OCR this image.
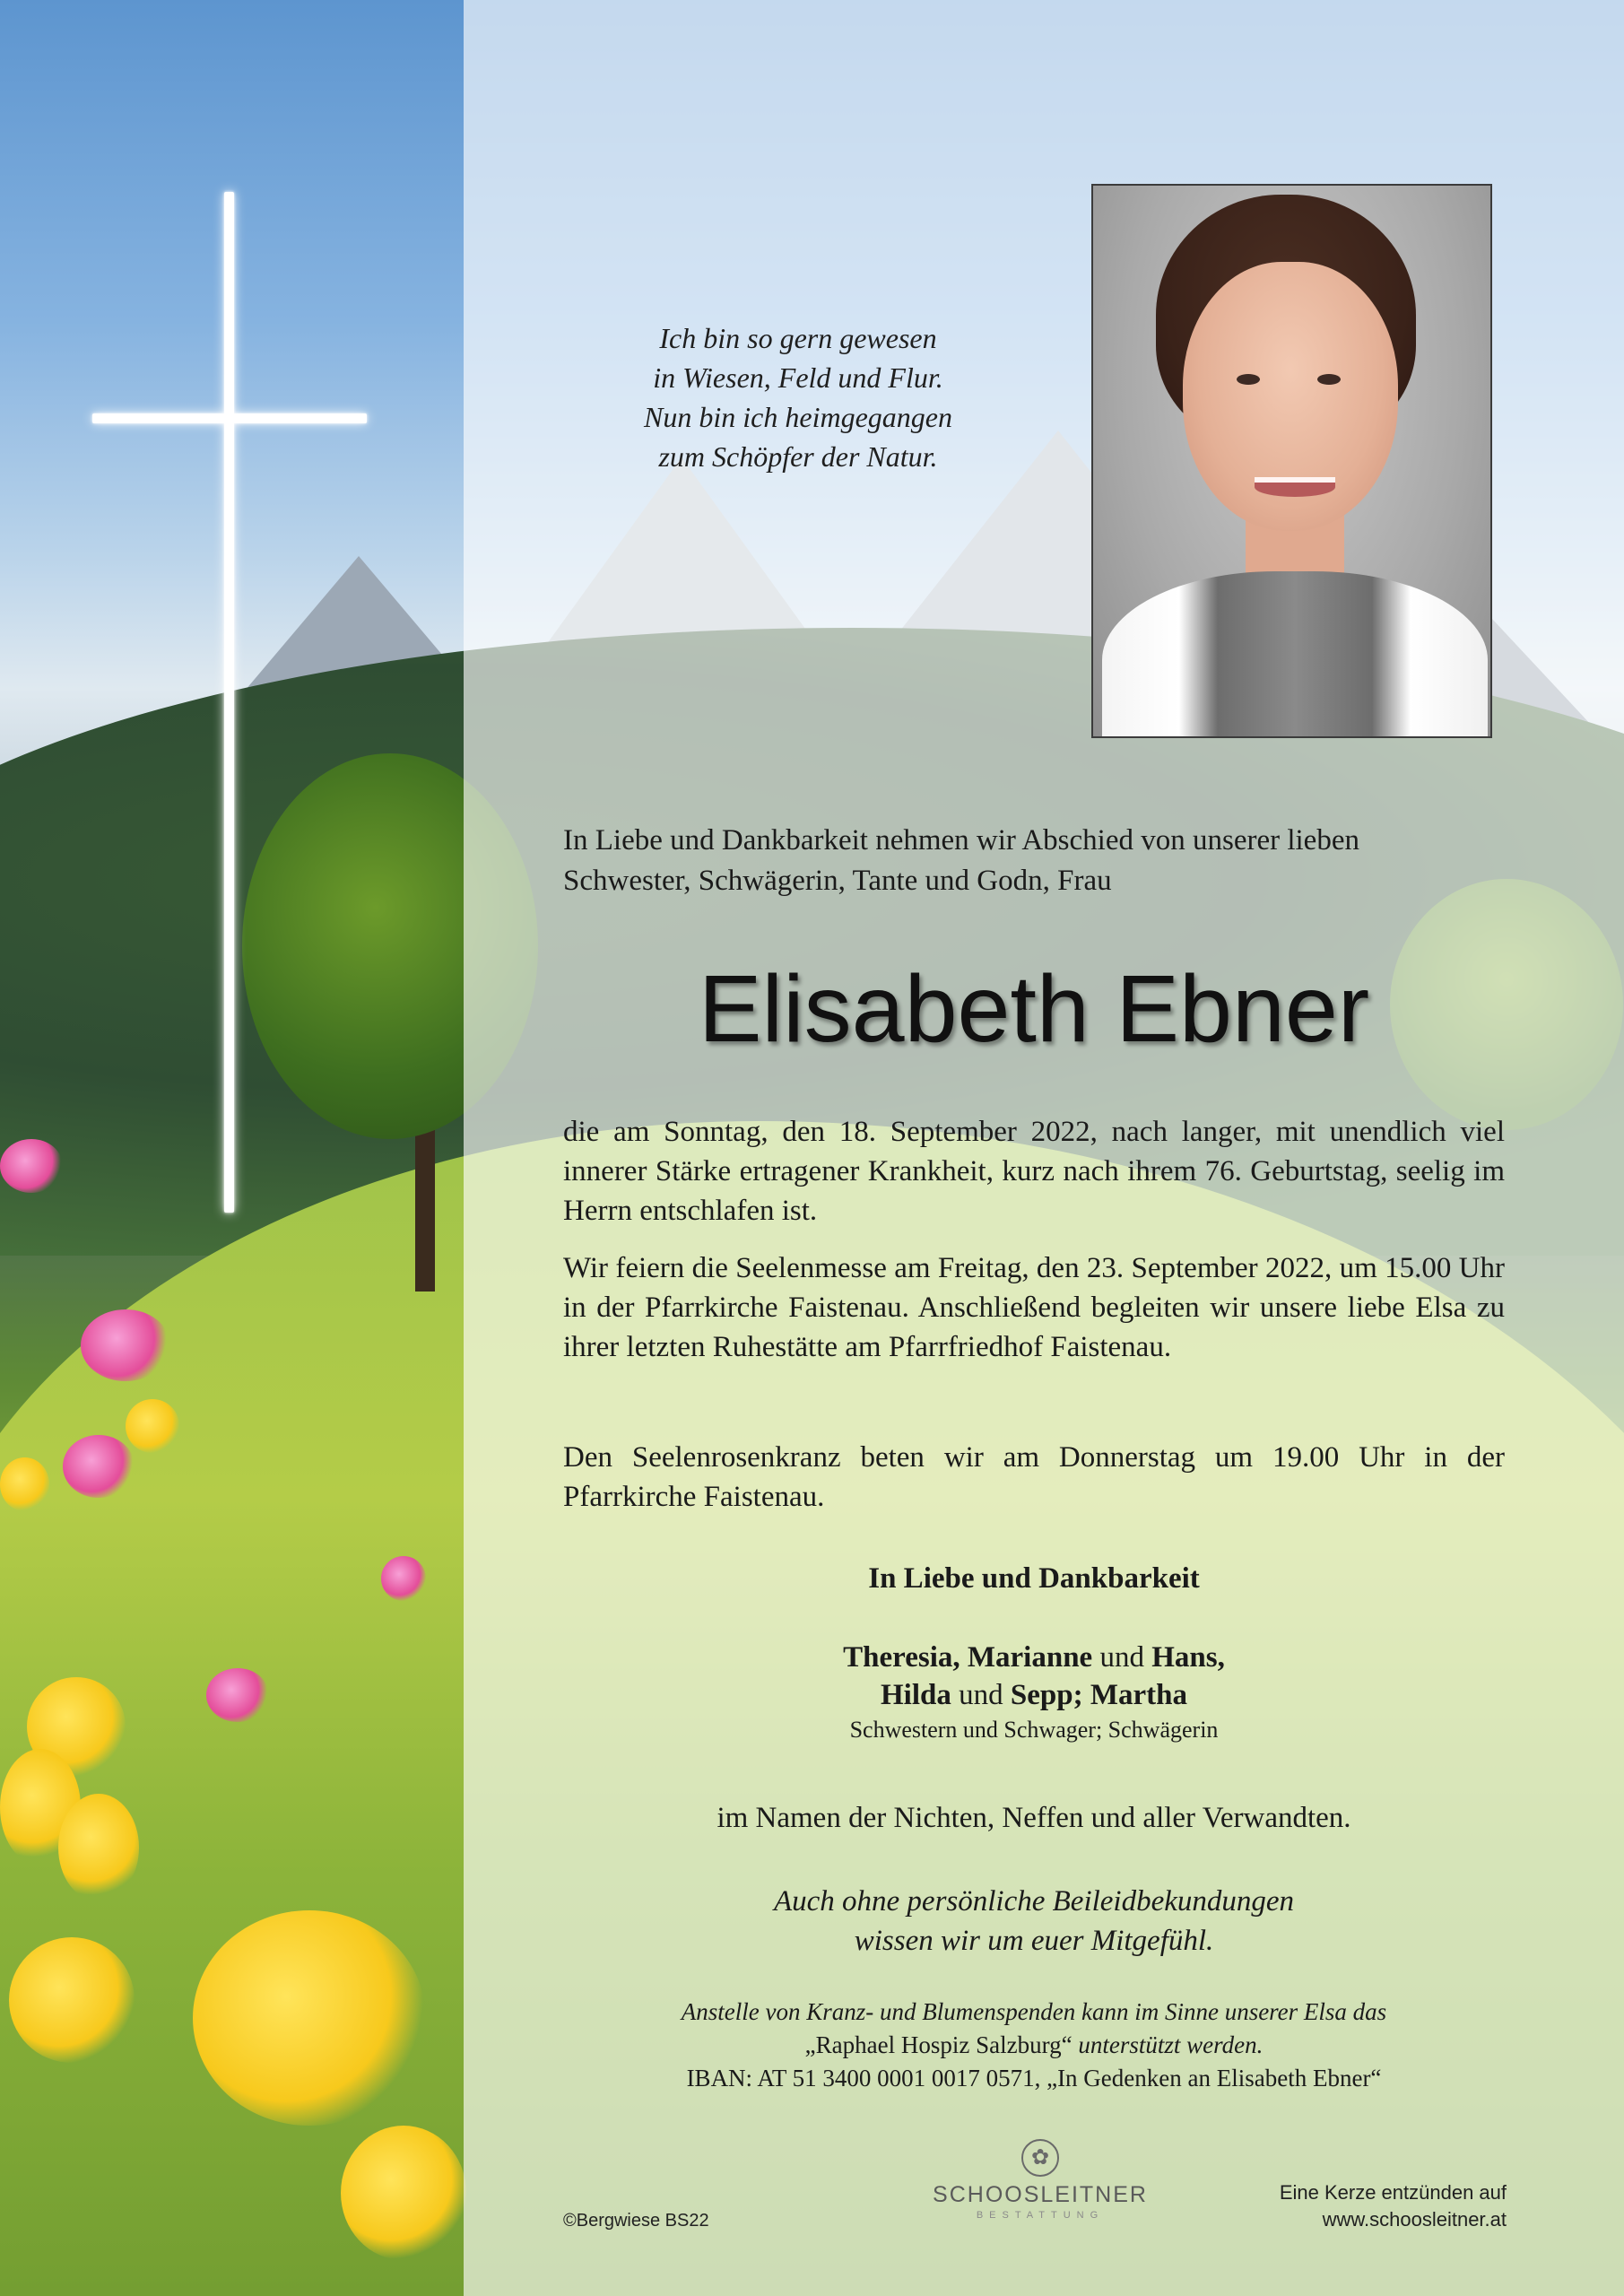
Ich bin so gern gewesen
in Wiesen, Feld und Flur.
Nun bin ich heimgegangen
zum Schöpfer der Natur.
In Liebe und Dankbarkeit nehmen wir Abschied von unserer lieben
Schwester, Schwägerin, Tante und Godn, Frau
Elisabeth Ebner
die am Sonntag, den 18. September 2022, nach langer, mit unendlich viel innerer Stärke ertragener Krankheit, kurz nach ihrem 76. Geburtstag, seelig im Herrn entschlafen ist.
Wir feiern die Seelenmesse am Freitag, den 23. September 2022, um 15.00 Uhr in der Pfarrkirche Faistenau. Anschließend begleiten wir unsere liebe Elsa zu ihrer letzten Ruhestätte am Pfarrfriedhof Faistenau.
Den Seelenrosenkranz beten wir am Donnerstag um 19.00 Uhr in der Pfarrkirche Faistenau.
In Liebe und Dankbarkeit
Theresia, Marianne und Hans,
Hilda und Sepp; Martha
Schwestern und Schwager; Schwägerin
im Namen der Nichten, Neffen und aller Verwandten.
Auch ohne persönliche Beileidbekundungen
wissen wir um euer Mitgefühl.
Anstelle von Kranz- und Blumenspenden kann im Sinne unserer Elsa das
„Raphael Hospiz Salzburg“ unterstützt werden.
IBAN: AT 51 3400 0001 0017 0571, „In Gedenken an Elisabeth Ebner“
©Bergwiese BS22
✿
SCHOOSLEITNER
BESTATTUNG
Eine Kerze entzünden auf
www.schoosleitner.at
